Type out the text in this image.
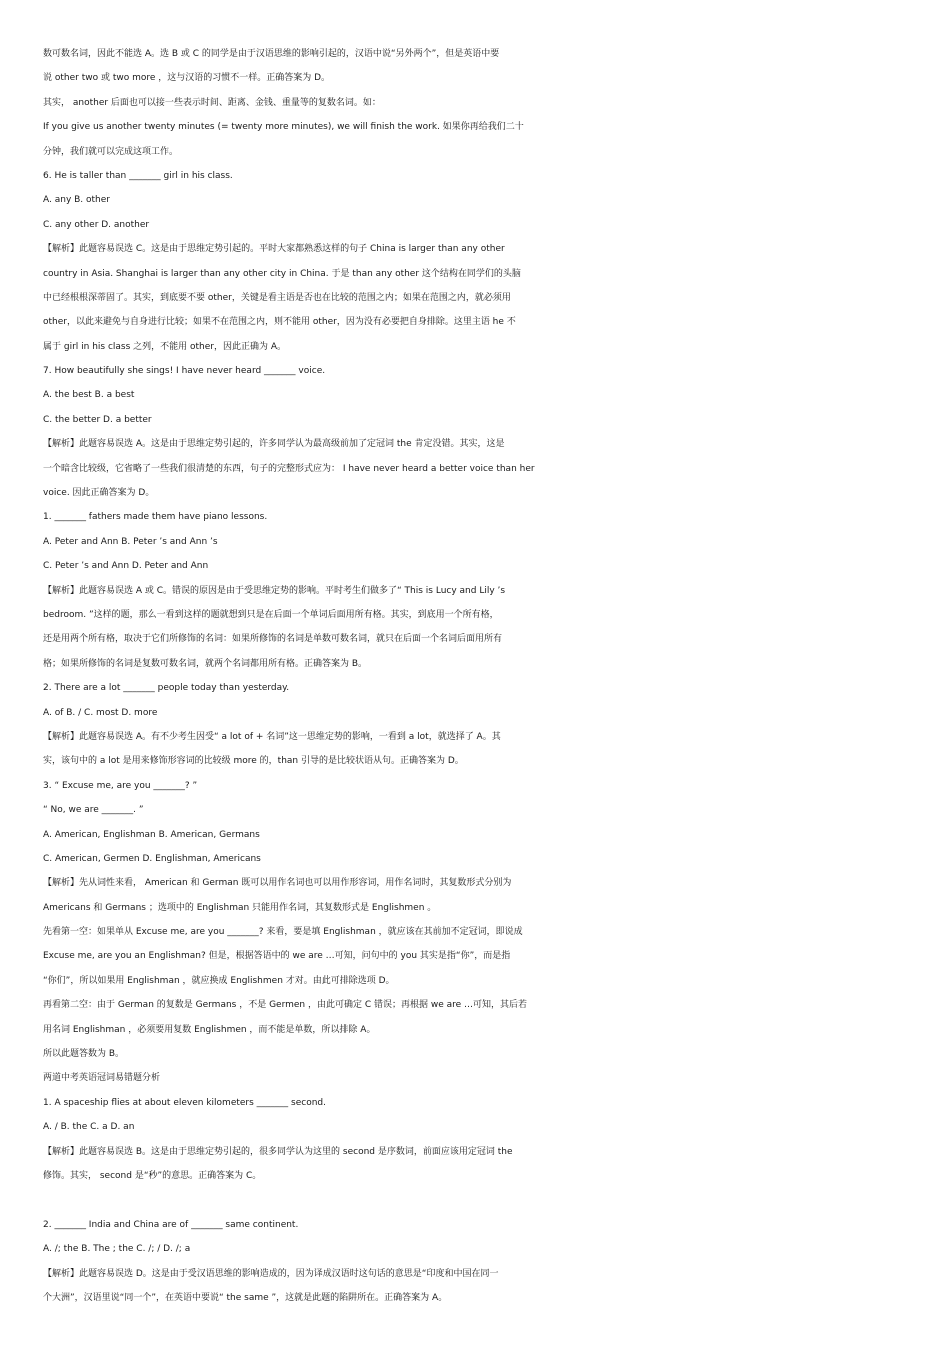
数可数名词，因此不能选 A。选 B 或 C 的同学是由于汉语思维的影响引起的，汉语中说“另外两个”，但是英语中要
说 other two 或 two more ，这与汉语的习惯不一样。正确答案为 D。
其实， another 后面也可以接一些表示时间、距离、金钱、重量等的复数名词。如：
If you give us another twenty minutes (= twenty more minutes), we will finish the work. 如果你再给我们二十
分钟，我们就可以完成这项工作。
6. He is taller than _______ girl in his class.
A. any B. other
C. any other D. another
【解析】此题容易误选 C。这是由于思维定势引起的。平时大家都熟悉这样的句子 China is larger than any other
country in Asia. Shanghai is larger than any other city in China. 于是 than any other 这个结构在同学们的头脑
中已经根根深蒂固了。其实，到底要不要 other，关键是看主语是否也在比较的范围之内；如果在范围之内，就必须用
other，以此来避免与自身进行比较；如果不在范围之内，则不能用 other，因为没有必要把自身排除。这里主语 he 不
属于 girl in his class 之列，不能用 other，因此正确为 A。
7. How beautifully she sings! I have never heard _______ voice.
A. the best B. a best
C. the better D. a better
【解析】此题容易误选 A。这是由于思维定势引起的，许多同学认为最高级前加了定冠词 the 肯定没错。其实，这是
一个暗含比较级，它省略了一些我们很清楚的东西，句子的完整形式应为： I have never heard a better voice than her
voice. 因此正确答案为 D。
1. _______ fathers made them have piano lessons.
A. Peter and Ann B. Peter ’s and Ann ’s
C. Peter ’s and Ann D. Peter and Ann
【解析】此题容易误选 A 或 C。错误的原因是由于受思维定势的影响。平时考生们做多了“ This is Lucy and Lily ’s
bedroom. ”这样的题，那么一看到这样的题就想到只是在后面一个单词后面用所有格。其实，到底用一个所有格，
还是用两个所有格，取决于它们所修饰的名词：如果所修饰的名词是单数可数名词，就只在后面一个名词后面用所有
格；如果所修饰的名词是复数可数名词，就两个名词都用所有格。正确答案为 B。
2. There are a lot _______ people today than yesterday.
A. of B. / C. most D. more
【解析】此题容易误选 A。有不少考生因受“ a lot of + 名词”这一思维定势的影响，一看到 a lot，就选择了 A。其
实，该句中的 a lot 是用来修饰形容词的比较级 more 的，than 引导的是比较状语从句。正确答案为 D。
3. “ Excuse me, are you _______? ”
“ No, we are _______. ”
A. American, Englishman B. American, Germans
C. American, Germen D. Englishman, Americans
【解析】先从词性来看， American 和 German 既可以用作名词也可以用作形容词，用作名词时，其复数形式分别为
Americans 和 Germans ；选项中的 Englishman 只能用作名词，其复数形式是 Englishmen 。
先看第一空：如果单从 Excuse me, are you _______? 来看，要是填 Englishman ，就应该在其前加不定冠词，即说成
Excuse me, are you an Englishman? 但是，根据答语中的 we are …可知，问句中的 you 其实是指“你”，而是指
“你们”，所以如果用 Englishman ，就应换成 Englishmen 才对。由此可排除选项 D。
再看第二空：由于 German 的复数是 Germans ，不是 Germen ，由此可确定 C 错误；再根据 we are …可知，其后若
用名词 Englishman ，必须要用复数 Englishmen ，而不能是单数，所以排除 A。
所以此题答数为 B。
两道中考英语冠词易错题分析
1. A spaceship flies at about eleven kilometers _______ second.
A. / B. the C. a D. an
【解析】此题容易误选 B。这是由于思维定势引起的，很多同学认为这里的 second 是序数词，前面应该用定冠词 the
修饰。其实， second 是“秒”的意思。正确答案为 C。
2. _______ India and China are of _______ same continent.
A. /; the B. The ; the C. /; / D. /; a
【解析】此题容易误选 D。这是由于受汉语思维的影响造成的，因为译成汉语时这句话的意思是“印度和中国在同一
个大洲”，汉语里说“同一个”，在英语中要说“ the same ”，这就是此题的陷阱所在。正确答案为 A。
